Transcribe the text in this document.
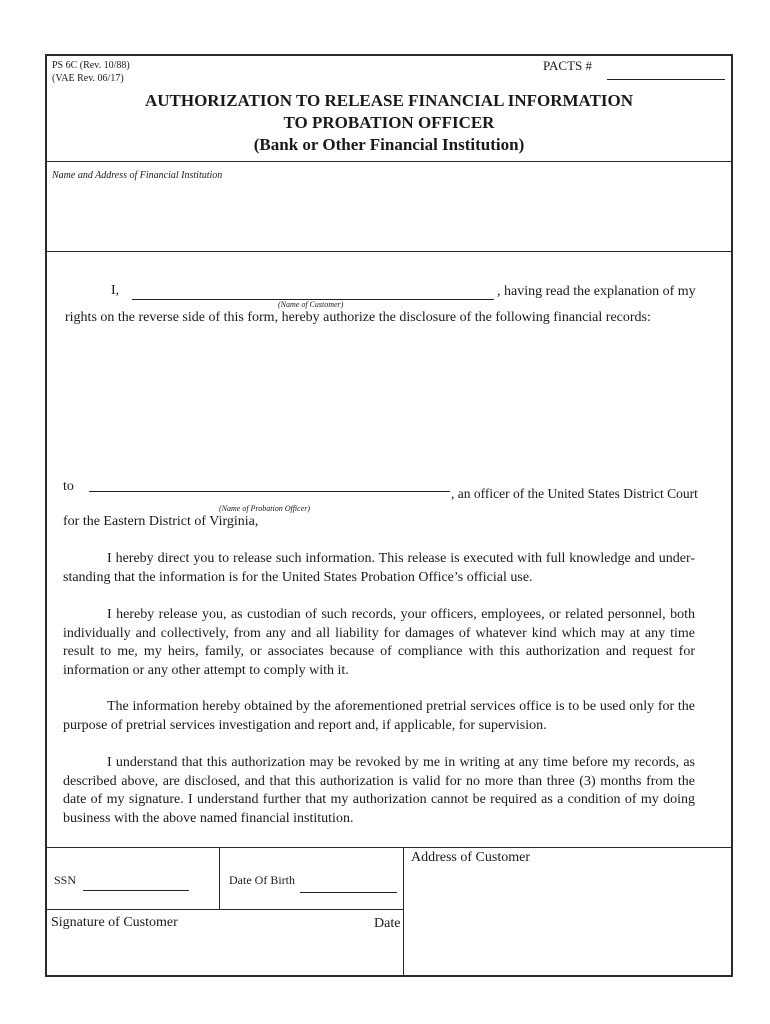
PS 6C (Rev. 10/88)
(VAE Rev. 06/17)
PACTS #
AUTHORIZATION TO RELEASE FINANCIAL INFORMATION
TO PROBATION OFFICER
(Bank or Other Financial Institution)
Name and Address of Financial Institution
I,
(Name of Customer)
, having read the explanation of my
rights on the reverse side of this form, hereby authorize the disclosure of the following financial records:
to
(Name of Probation Officer)
, an officer of the United States District Court
for the Eastern District of Virginia,
I hereby direct you to release such information. This release is executed with full knowledge and under-standing that the information is for the United States Probation Office’s official use.
I hereby release you, as custodian of such records, your officers, employees, or related personnel, both individually and collectively, from any and all liability for damages of whatever kind which may at any time result to me, my heirs, family, or associates because of compliance with this authorization and request for information or any other attempt to comply with it.
The information hereby obtained by the aforementioned pretrial services office is to be used only for the purpose of pretrial services investigation and report and, if applicable, for supervision.
I understand that this authorization may be revoked by me in writing at any time before my records, as described above, are disclosed, and that this authorization is valid for no more than three (3) months from the date of my signature. I understand further that my authorization cannot be required as a condition of my doing business with the above named financial institution.
SSN	Date Of Birth
Address of Customer
Signature of Customer	Date
